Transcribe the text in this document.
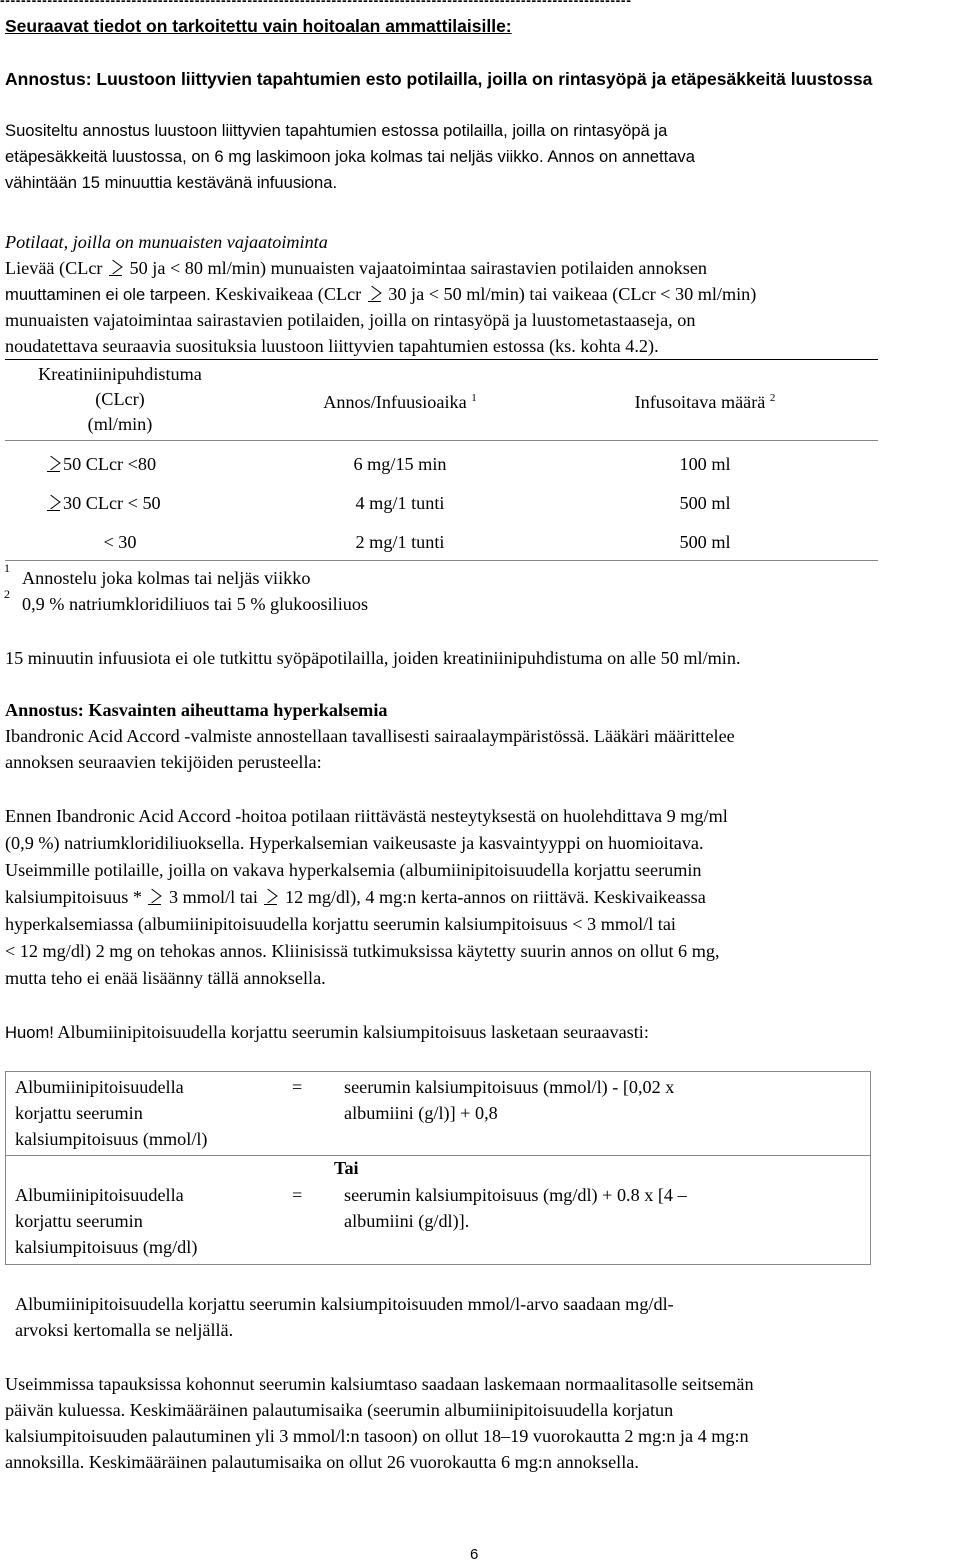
------------------------------------------------------------------------------------------------------------------------
Seuraavat tiedot on tarkoitettu vain hoitoalan ammattilaisille:
Annostus: Luustoon liittyvien tapahtumien esto potilailla, joilla on rintasyöpä ja etäpesäkkeitä luustossa
Suositeltu annostus luustoon liittyvien tapahtumien estossa potilailla, joilla on rintasyöpä ja
etäpesäkkeitä luustossa, on 6 mg laskimoon joka kolmas tai neljäs viikko. Annos on annettava
vähintään 15 minuuttia kestävänä infuusiona.
Potilaat, joilla on munuaisten vajaatoiminta
Lievää (CLcr 50 ja < 80 ml/min) munuaisten vajaatoimintaa sairastavien potilaiden annoksen
muuttaminen ei ole tarpeen. Keskivaikeaa (CLcr 30 ja < 50 ml/min) tai vaikeaa (CLcr < 30 ml/min)
munuaisten vajatoimintaa sairastavien potilaiden, joilla on rintasyöpä ja luustometastaaseja, on
noudatettava seuraavia suosituksia luustoon liittyvien tapahtumien estossa (ks. kohta 4.2).
Kreatiniinipuhdistuma
(CLcr)
(ml/min)
Annos/Infuusioaika $^1$	Infusoitava määrä $^2$
50 CLcr <80	6 mg/15 min	100 ml
30 CLcr < 50	4 mg/1 tunti	500 ml
< 30	2 mg/1 tunti	500 ml
1 Annostelu joka kolmas tai neljäs viikko
2 0,9 % natriumkloridiliuos tai 5 % glukoosiliuos
15 minuutin infuusiota ei ole tutkittu syöpäpotilailla, joiden kreatiniinipuhdistuma on alle 50 ml/min.
Annostus: Kasvainten aiheuttama hyperkalsemia
Ibandronic Acid Accord -valmiste annostellaan tavallisesti sairaalaympäristössä. Lääkäri määrittelee
annoksen seuraavien tekijöiden perusteella:
Ennen Ibandronic Acid Accord -hoitoa potilaan riittävästä nesteytyksestä on huolehdittava 9 mg/ml
(0,9 %) natriumkloridiliuoksella. Hyperkalsemian vaikeusaste ja kasvaintyyppi on huomioitava.
Useimmille potilaille, joilla on vakava hyperkalsemia (albumiinipitoisuudella korjattu seerumin
kalsiumpitoisuus * 3 mmol/l tai 12 mg/dl), 4 mg:n kerta-annos on riittävä. Keskivaikeassa
hyperkalsemiassa (albumiinipitoisuudella korjattu seerumin kalsiumpitoisuus < 3 mmol/l tai
< 12 mg/dl) 2 mg on tehokas annos. Kliinisissä tutkimuksissa käytetty suurin annos on ollut 6 mg,
mutta teho ei enää lisäänny tällä annoksella.
Huom! Albumiinipitoisuudella korjattu seerumin kalsiumpitoisuus lasketaan seuraavasti:
Albumiinipitoisuudella
korjattu seerumin
kalsiumpitoisuus (mmol/l)
= seerumin kalsiumpitoisuus (mmol/l) - [0,02 x
albumiini (g/l)] + 0,8
Tai
Albumiinipitoisuudella
korjattu seerumin
kalsiumpitoisuus (mg/dl)
= seerumin kalsiumpitoisuus (mg/dl) + 0.8 x [4 –
albumiini (g/dl)].
Albumiinipitoisuudella korjattu seerumin kalsiumpitoisuuden mmol/l-arvo saadaan mg/dl-
arvoksi kertomalla se neljällä.
Useimmissa tapauksissa kohonnut seerumin kalsiumtaso saadaan laskemaan normaalitasolle seitsemän
päivän kuluessa. Keskimääräinen palautumisaika (seerumin albumiinipitoisuudella korjatun
kalsiumpitoisuuden palautuminen yli 3 mmol/l:n tasoon) on ollut 18–19 vuorokautta 2 mg:n ja 4 mg:n
annoksilla. Keskimääräinen palautumisaika on ollut 26 vuorokautta 6 mg:n annoksella.
6
